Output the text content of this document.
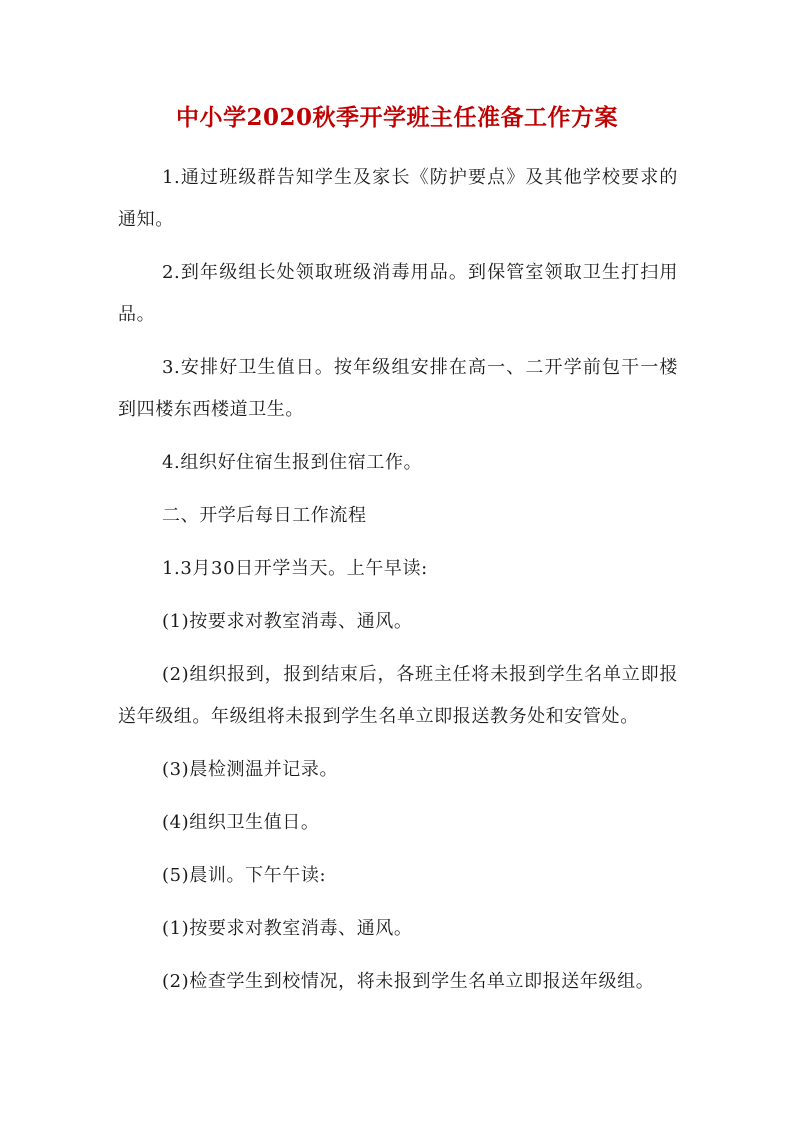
中小学2020秋季开学班主任准备工作方案

1.通过班级群告知学生及家长《防护要点》及其他学校要求的通知。

2.到年级组长处领取班级消毒用品。到保管室领取卫生打扫用品。

3.安排好卫生值日。按年级组安排在高一、二开学前包干一楼到四楼东西楼道卫生。

4.组织好住宿生报到住宿工作。

二、开学后每日工作流程

1.3月30日开学当天。上午早读:

(1)按要求对教室消毒、通风。

(2)组织报到，报到结束后，各班主任将未报到学生名单立即报送年级组。年级组将未报到学生名单立即报送教务处和安管处。

(3)晨检测温并记录。

(4)组织卫生值日。

(5)晨训。下午午读:

(1)按要求对教室消毒、通风。

(2)检查学生到校情况，将未报到学生名单立即报送年级组。
